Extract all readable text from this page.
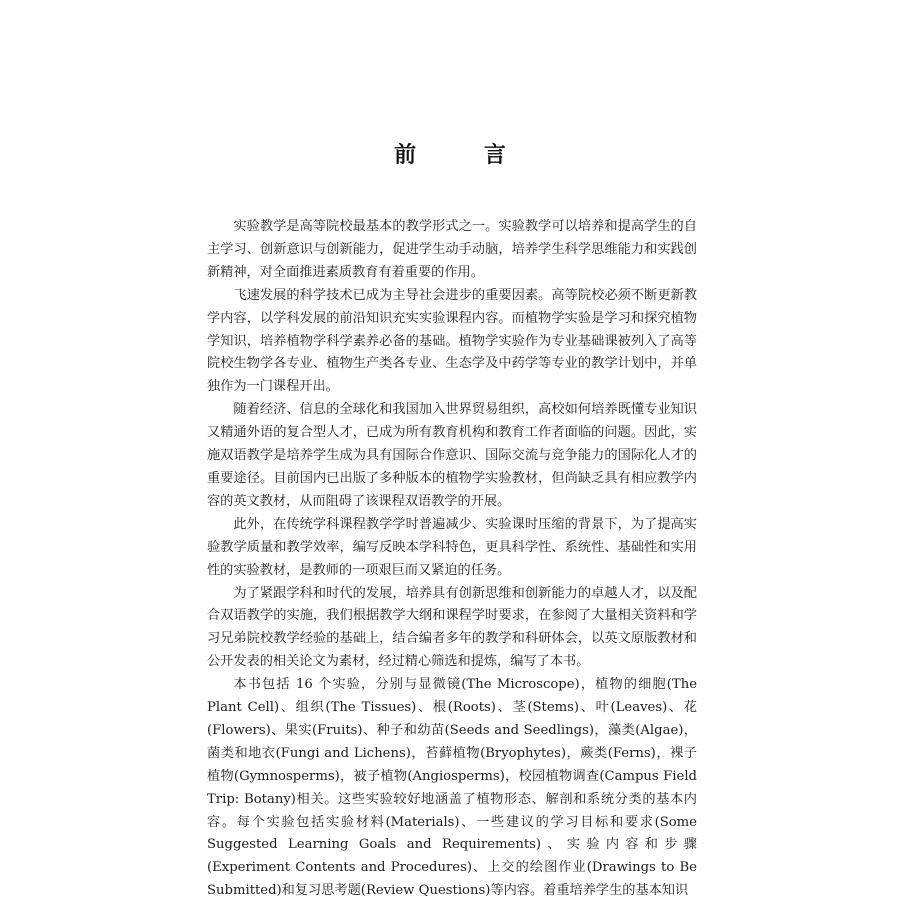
前 言

实验教学是高等院校最基本的教学形式之一。实验教学可以培养和提高学生的自主学习、创新意识与创新能力，促进学生动手动脑，培养学生科学思维能力和实践创新精神，对全面推进素质教育有着重要的作用。

飞速发展的科学技术已成为主导社会进步的重要因素。高等院校必须不断更新教学内容，以学科发展的前沿知识充实实验课程内容。而植物学实验是学习和探究植物学知识，培养植物学科学素养必备的基础。植物学实验作为专业基础课被列入了高等院校生物学各专业、植物生产类各专业、生态学及中药学等专业的教学计划中，并单独作为一门课程开出。

随着经济、信息的全球化和我国加入世界贸易组织，高校如何培养既懂专业知识又精通外语的复合型人才，已成为所有教育机构和教育工作者面临的问题。因此，实施双语教学是培养学生成为具有国际合作意识、国际交流与竞争能力的国际化人才的重要途径。目前国内已出版了多种版本的植物学实验教材，但尚缺乏具有相应教学内容的英文教材，从而阻碍了该课程双语教学的开展。

此外，在传统学科课程教学学时普遍减少、实验课时压缩的背景下，为了提高实验教学质量和教学效率，编写反映本学科特色，更具科学性、系统性、基础性和实用性的实验教材，是教师的一项艰巨而又紧迫的任务。

为了紧跟学科和时代的发展，培养具有创新思维和创新能力的卓越人才，以及配合双语教学的实施，我们根据教学大纲和课程学时要求，在参阅了大量相关资料和学习兄弟院校教学经验的基础上，结合编者多年的教学和科研体会，以英文原版教材和公开发表的相关论文为素材，经过精心筛选和提炼，编写了本书。

本书包括 16 个实验，分别与显微镜(The Microscope)，植物的细胞(The Plant Cell)、组织(The Tissues)、根(Roots)、茎(Stems)、叶(Leaves)、花(Flowers)、果实(Fruits)、种子和幼苗(Seeds and Seedlings)，藻类(Algae)，菌类和地衣(Fungi and Lichens)，苔藓植物(Bryophytes)，蕨类(Ferns)，裸子植物(Gymnosperms)，被子植物(Angiosperms)，校园植物调查(Campus Field Trip: Botany)相关。这些实验较好地涵盖了植物形态、解剖和系统分类的基本内容。每个实验包括实验材料(Materials)、一些建议的学习目标和要求(Some Suggested Learning Goals and Requirements)、实验内容和步骤(Experiment Contents and Procedures)、上交的绘图作业(Drawings to Be Submitted)和复习思考题(Review Questions)等内容。着重培养学生的基本知识
